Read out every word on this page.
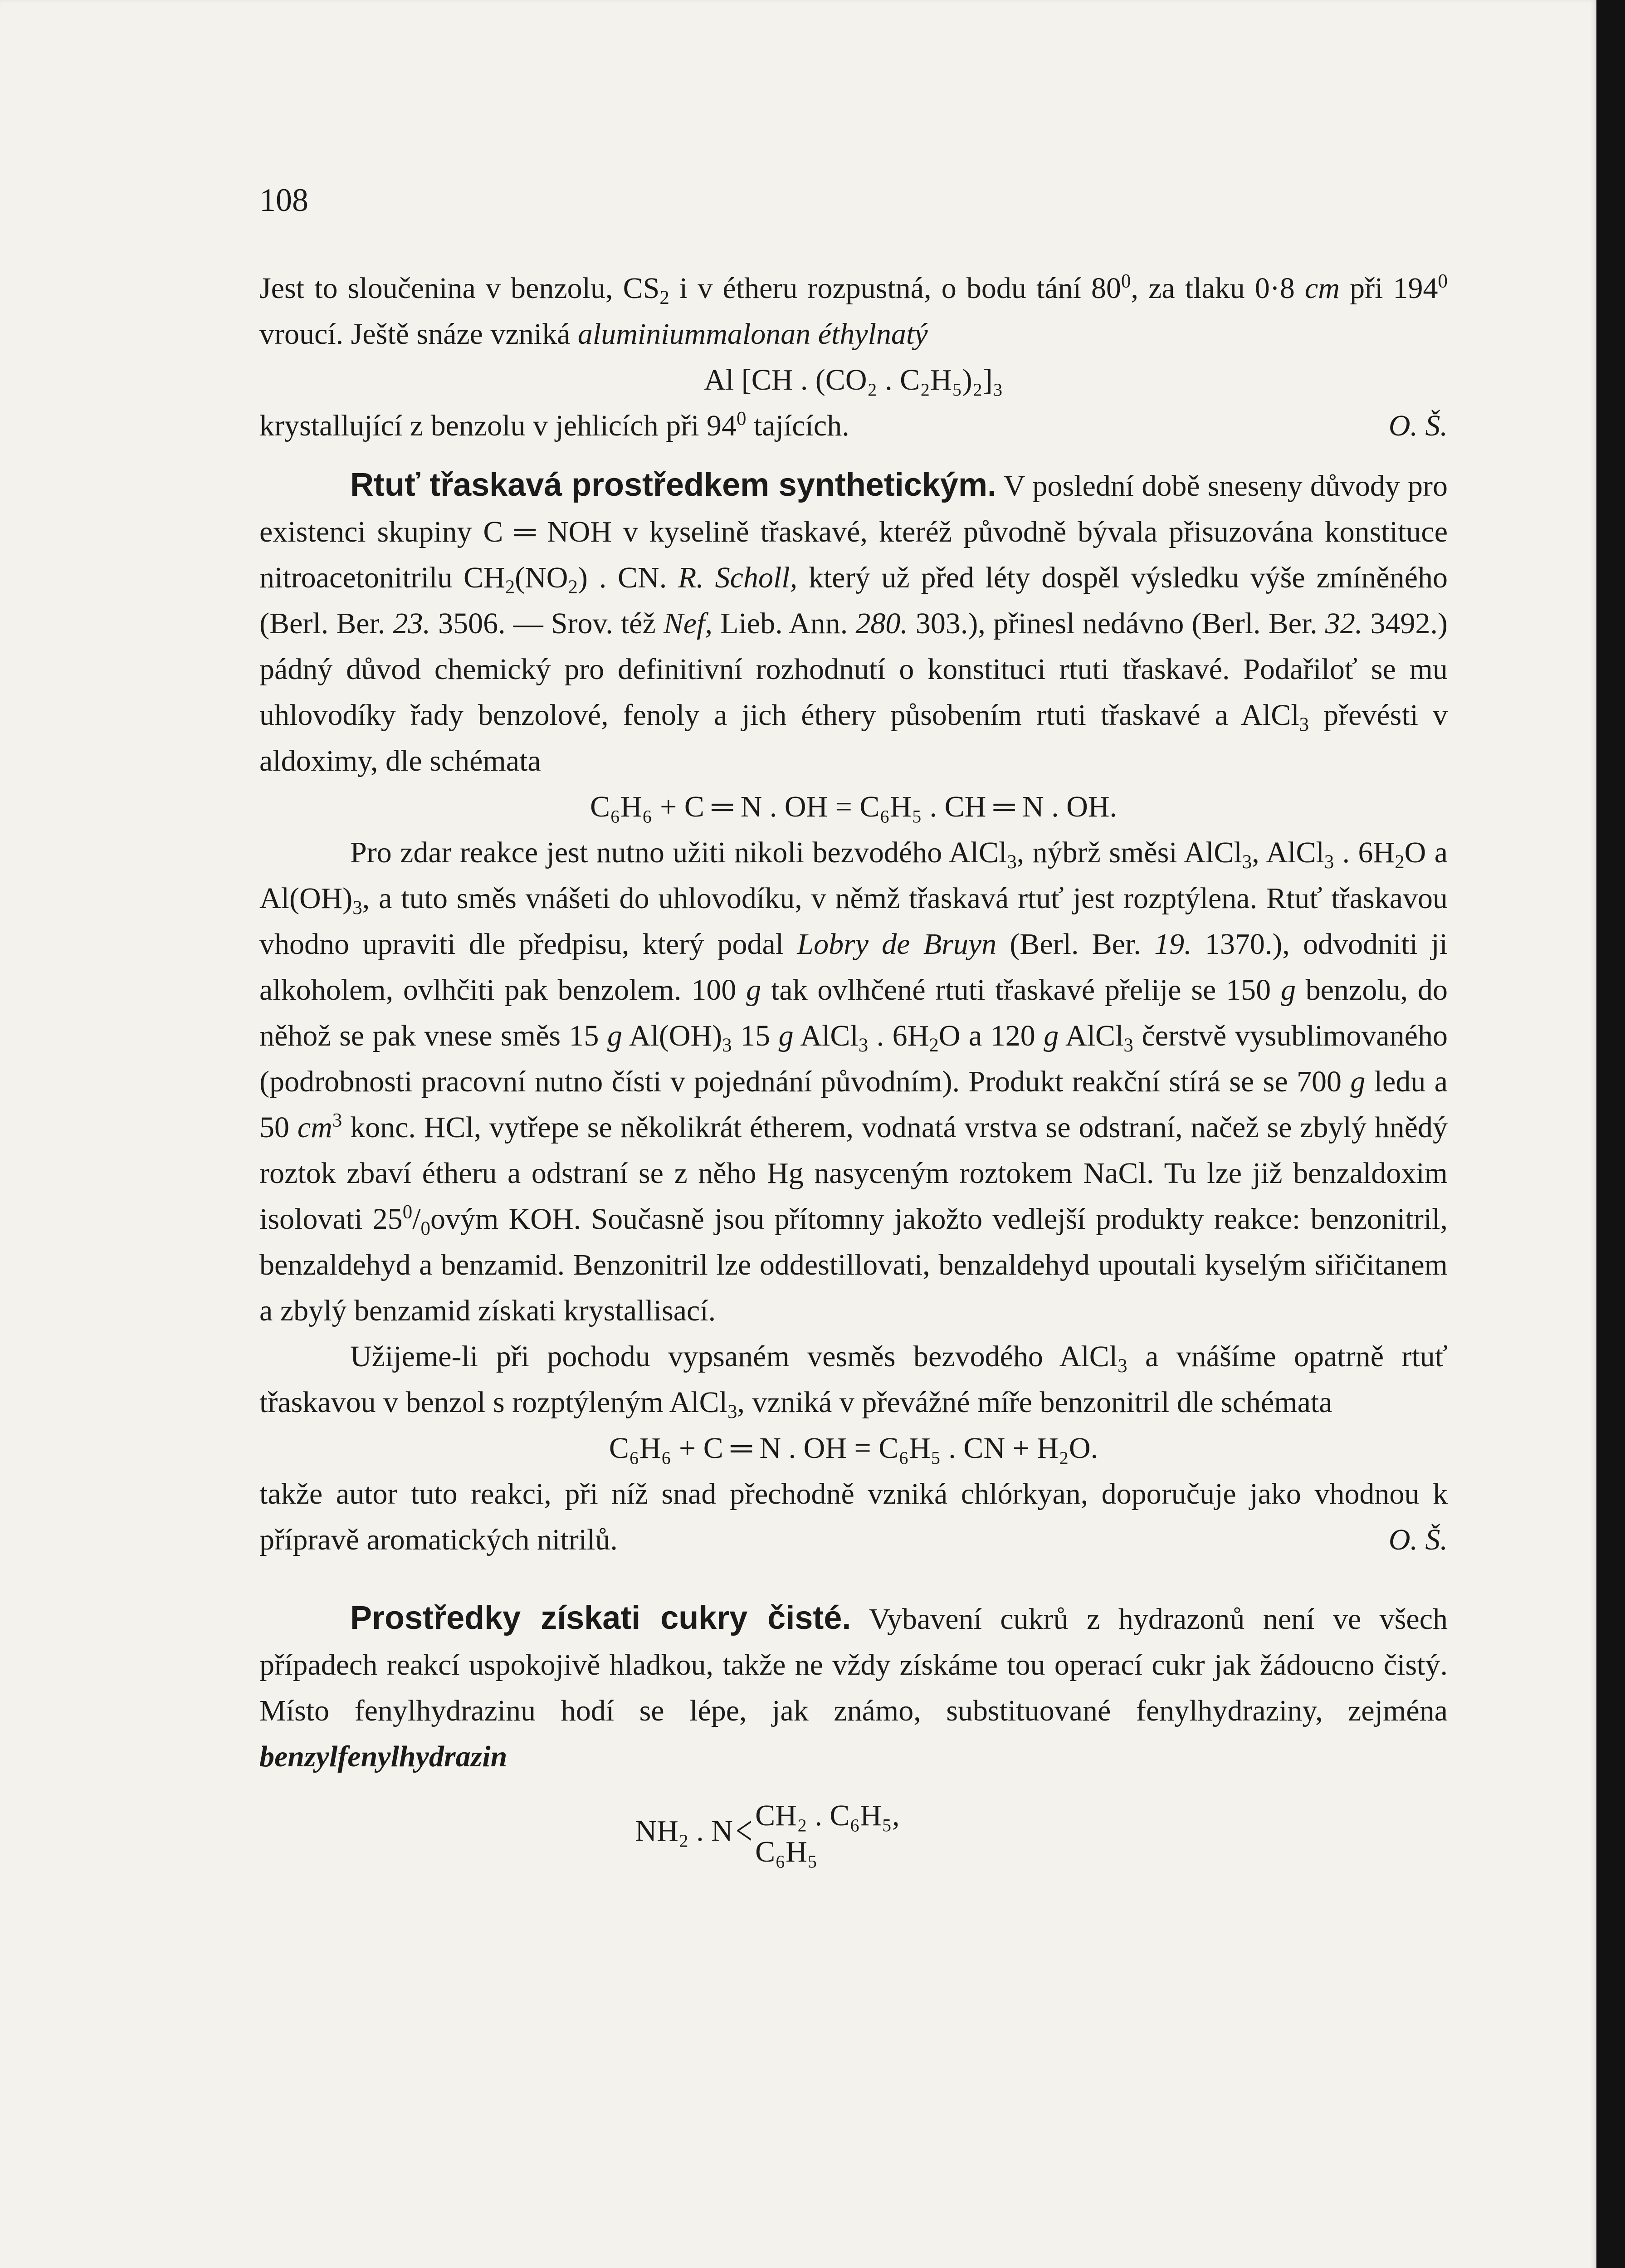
108

Jest to sloučenina v benzolu, $CS_2$ i v étheru rozpustná, o bodu tání $80^0$, za tlaku 0·8 cm při $194^0$ vroucí. Ještě snáze vzniká aluminiummalonan éthylnatý

Al [CH . (CO₂ . C₂H₅)₂]₃

krystallující z benzolu v jehlicích při $94^0$ tajících.	O. Š.

Rtuť třaskavá prostředkem synthetickým. V poslední době sneseny důvody pro existenci skupiny C ═ NOH v kyselině třaskavé, kteréž původně bývala přisuzována konstituce nitroacetonitrilu $CH_2(NO_2)$ . CN. R. Scholl, který už před léty dospěl výsledku výše zmíněného (Berl. Ber. 23. 3506. — Srov. též Nef, Lieb. Ann. 280. 303.), přinesl nedávno (Berl. Ber. 32. 3492.) pádný důvod chemický pro definitivní rozhodnutí o konstituci rtuti třaskavé. Podařiloť se mu uhlovodíky řady benzolové, fenoly a jich éthery působením rtuti třaskavé a AlCl$_3$ převésti v aldoximy, dle schémata

C₆H₆ + C ═ N . OH = C₆H₅ . CH ═ N . OH.

Pro zdar reakce jest nutno užiti nikoli bezvodého AlCl$_3$, nýbrž směsi AlCl$_3$, AlCl$_3$ . $6H_2O$ a $Al(OH)_3$, a tuto směs vnášeti do uhlovodíku, v němž třaskavá rtuť jest rozptýlena. Rtuť třaskavou vhodno upraviti dle předpisu, který podal Lobry de Bruyn (Berl. Ber. 19. 1370.), odvodniti ji alkoholem, ovlhčiti pak benzolem. 100 g tak ovlhčené rtuti třaskavé přelije se 150 g benzolu, do něhož se pak vnese směs 15 g $Al(OH)_3$ 15 g AlCl$_3$ . $6H_2O$ a 120 g AlCl$_3$ čerstvě vysublimovaného (podrobnosti pracovní nutno čísti v pojednání původním). Produkt reakční stírá se se 700 g ledu a 50 $cm^3$ konc. HCl, vytřepe se několikrát étherem, vodnatá vrstva se odstraní, načež se zbylý hnědý roztok zbaví étheru a odstraní se z něho Hg nasyceným roztokem NaCl. Tu lze již benzaldoxim isolovati $25^0/_0ovým$ KOH. Současně jsou přítomny jakožto vedlejší produkty reakce: benzonitril, benzaldehyd a benzamid. Benzonitril lze oddestillovati, benzaldehyd upoutali kyselým siřičitanem a zbylý benzamid získati krystallisací.

Užijeme-li při pochodu vypsaném vesměs bezvodého AlCl$_3$ a vnášíme opatrně rtuť třaskavou v benzol s rozptýleným AlCl$_3$, vzniká v převážné míře benzonitril dle schémata

C₆H₆ + C ═ N . OH = C₆H₅ . CN + H₂O.

takže autor tuto reakci, při níž snad přechodně vzniká chlórkyan, doporučuje jako vhodnou k přípravě aromatických nitrilů.	O. Š.

Prostředky získati cukry čisté. Vybavení cukrů z hydrazonů není ve všech případech reakcí uspokojivě hladkou, takže ne vždy získáme tou operací cukr jak žádoucno čistý. Místo fenylhydrazinu hodí se lépe, jak známo, substituované fenylhydraziny, zejména benzylfenylhydrazin

NH₂ . N< CH₂ . C₆H₅,
C₆H₅
